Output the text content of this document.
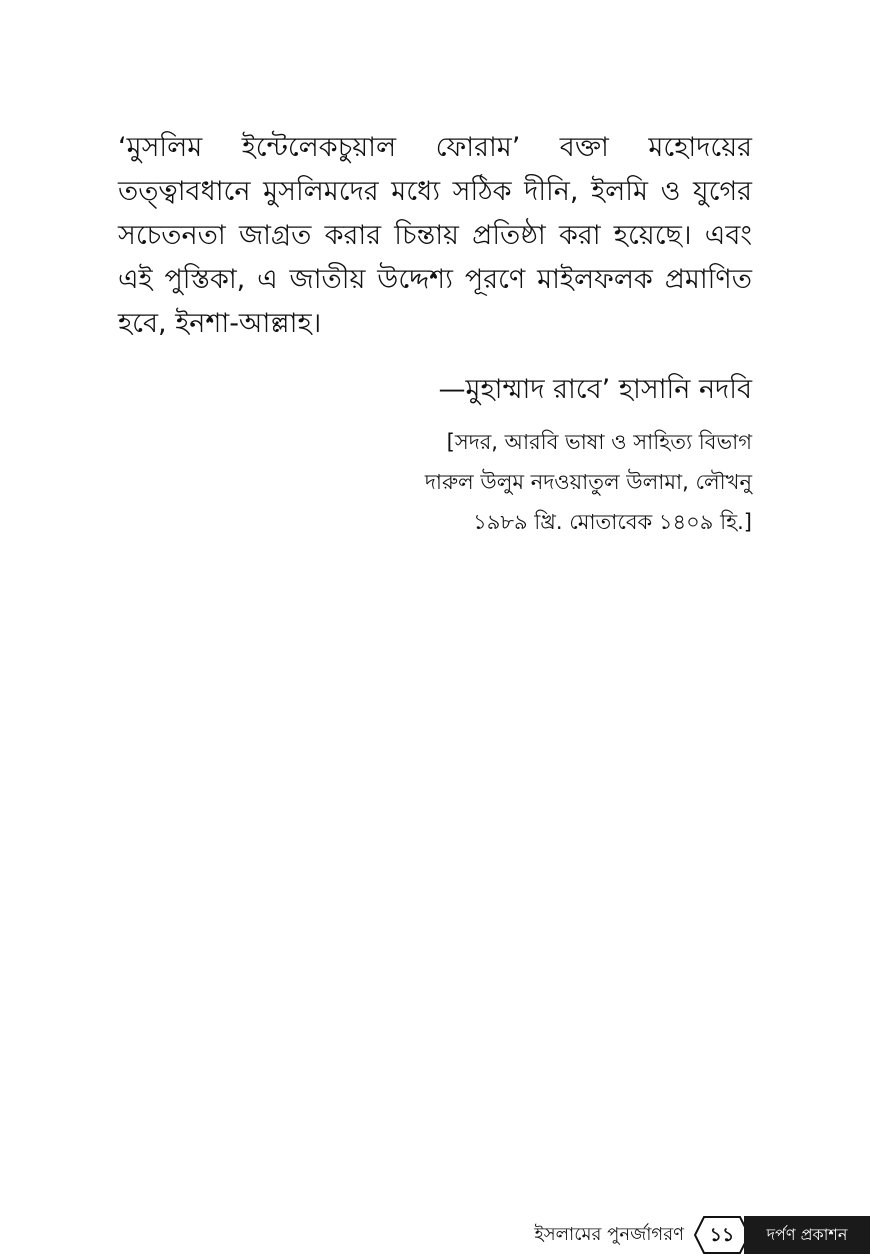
‘মুসলিম ইন্টেলেকচুয়াল ফোরাম’ বক্তা মহোদয়ের তত্ত্বাবধানে মুসলিমদের মধ্যে সঠিক দীনি, ইলমি ও যুগের সচেতনতা জাগ্রত করার চিন্তায় প্রতিষ্ঠা করা হয়েছে। এবং এই পুস্তিকা, এ জাতীয় উদ্দেশ্য পূরণে মাইলফলক প্রমাণিত হবে, ইনশা-আল্লাহ।

—মুহাম্মাদ রাবে’ হাসানি নদবি

[সদর, আরবি ভাষা ও সাহিত্য বিভাগ

দারুল উলুম নদওয়াতুল উলামা, লৌখনু

১৯৮৯ খ্রি. মোতাবেক ১৪০৯ হি.]

ইসলামের পুনর্জাগরণ	১১	দর্পণ প্রকাশন
